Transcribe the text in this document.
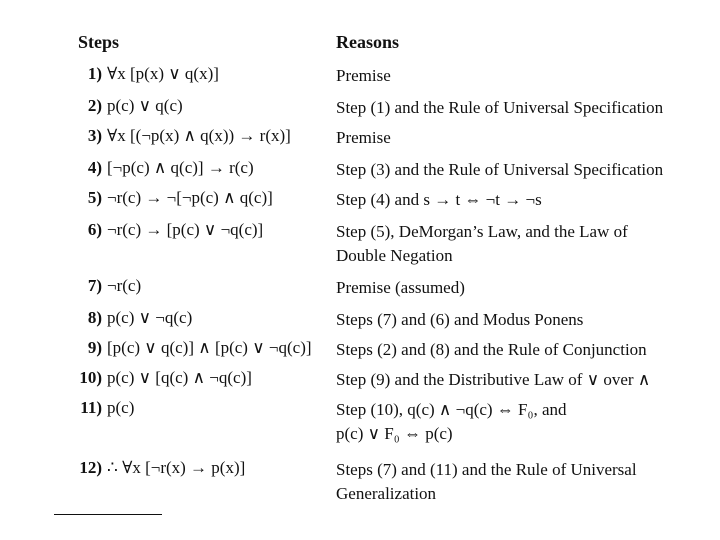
Steps	Reasons
1) ∀x [p(x) ∨ q(x)]	Premise
2) p(c) ∨ q(c)	Step (1) and the Rule of Universal Specification
3) ∀x [(¬p(x) ∧ q(x)) → r(x)]	Premise
4) [¬p(c) ∧ q(c)] → r(c)	Step (3) and the Rule of Universal Specification
5) ¬r(c) → ¬[¬p(c) ∧ q(c)]	Step (4) and s → t ⇔ ¬t → ¬s
6) ¬r(c) → [p(c) ∨ ¬q(c)]	Step (5), DeMorgan’s Law, and the Law of
Double Negation
7) ¬r(c)	Premise (assumed)
8) p(c) ∨ ¬q(c)	Steps (7) and (6) and Modus Ponens
9) [p(c) ∨ q(c)] ∧ [p(c) ∨ ¬q(c)]	Steps (2) and (8) and the Rule of Conjunction
10) p(c) ∨ [q(c) ∧ ¬q(c)]	Step (9) and the Distributive Law of ∨ over ∧
11) p(c)	Step (10), q(c) ∧ ¬q(c) ⇔ F₀, and
p(c) ∨ F₀ ⇔ p(c)
12) ∴ ∀x [¬r(x) → p(x)]	Steps (7) and (11) and the Rule of Universal
Generalization
